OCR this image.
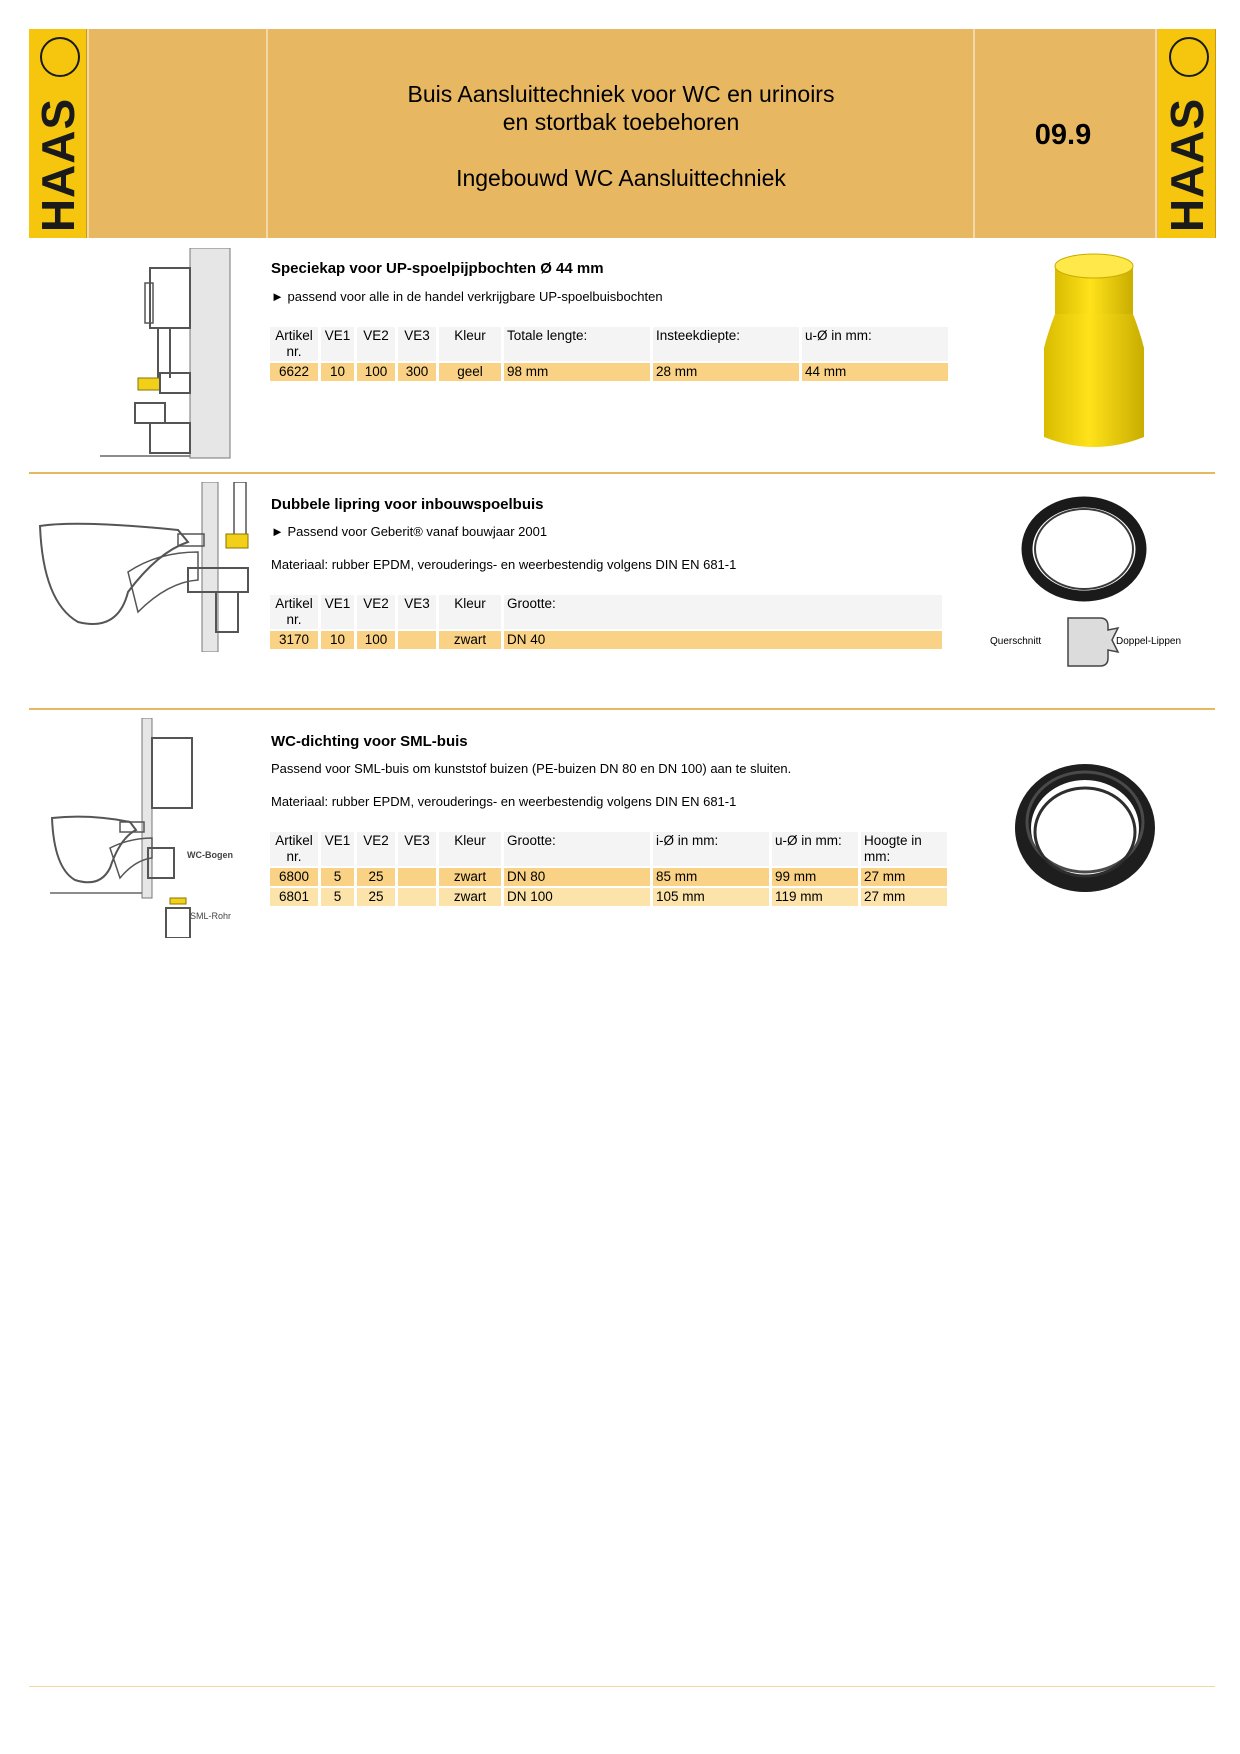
HAAS
Buis Aansluittechniek voor WC en urinoirs
en stortbak toebehoren
Ingebouwd WC Aansluittechniek
09.9	HAAS
Speciekap voor UP-spoelpijpbochten Ø 44 mm
► passend voor alle in de handel verkrijgbare UP-spoelbuisbochten
Artikel nr.	VE1	VE2	VE3	Kleur	Totale lengte:	Insteekdiepte:	u-Ø in mm:
6622	10	100	300	geel	98 mm	28 mm	44 mm
Dubbele lipring voor inbouwspoelbuis
► Passend voor Geberit® vanaf bouwjaar 2001
Materiaal: rubber EPDM, verouderings- en weerbestendig volgens DIN EN 681-1
Artikel nr.	VE1	VE2	VE3	Kleur	Grootte:
3170	10	100		zwart	DN 40	Querschnitt	Doppel-Lippen
WC-Bogen
SML-Rohr
WC-dichting voor SML-buis
Passend voor SML-buis om kunststof buizen (PE-buizen DN 80 en DN 100) aan te sluiten.
Materiaal: rubber EPDM, verouderings- en weerbestendig volgens DIN EN 681-1
Artikel nr.	VE1	VE2	VE3	Kleur	Grootte:	i-Ø in mm:	u-Ø in mm:	Hoogte in mm:
6800	5	25		zwart	DN 80	85 mm	99 mm	27 mm
6801	5	25		zwart	DN 100	105 mm	119 mm	27 mm
